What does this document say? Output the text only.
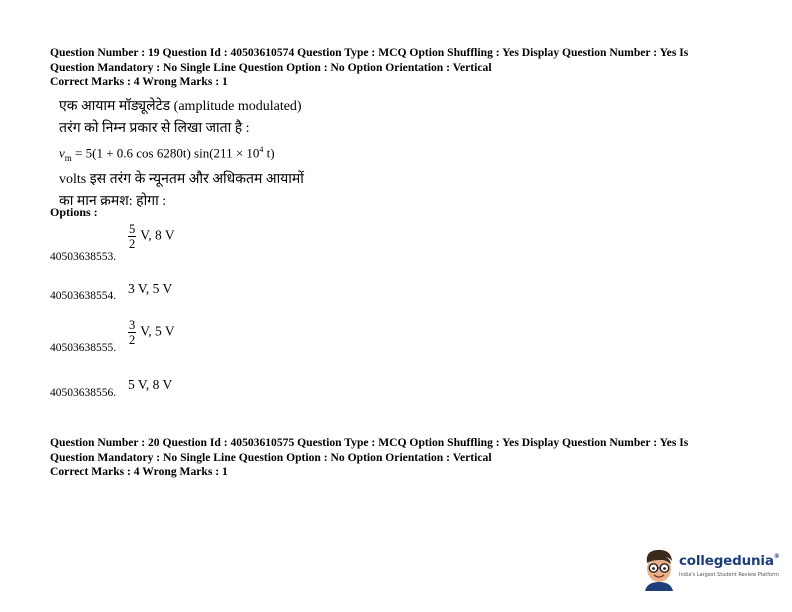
Question Number : 19 Question Id : 40503610574 Question Type : MCQ Option Shuffling : Yes Display Question Number : Yes Is

Question Mandatory : No Single Line Question Option : No Option Orientation : Vertical

Correct Marks : 4 Wrong Marks : 1

एक आयाम मॉड्यूलेटेड (amplitude modulated)

तरंग को निम्न प्रकार से लिखा जाता है :

$v_m = 5(1 + 0.6$ cos 6280t) $\sin(211 \times 10^4$ t)

volts इस तरंग के न्यूनतम और अधिकतम आयामों

का मान क्रमश: होगा :

Options :
40503638553.
$\frac{5}{2} V$, 8 V
40503638554. 3 V, 5 V
40503638555.
$\frac{3}{2} V$, 5 V
40503638556.
5 V, 8 V

Question Number : 20 Question Id : 40503610575 Question Type : MCQ Option Shuffling : Yes Display Question Number : Yes Is

Question Mandatory : No Single Line Question Option : No Option Orientation : Vertical

Correct Marks : 4 Wrong Marks : 1

collegedunia®
India's Largest Student Review Platform
